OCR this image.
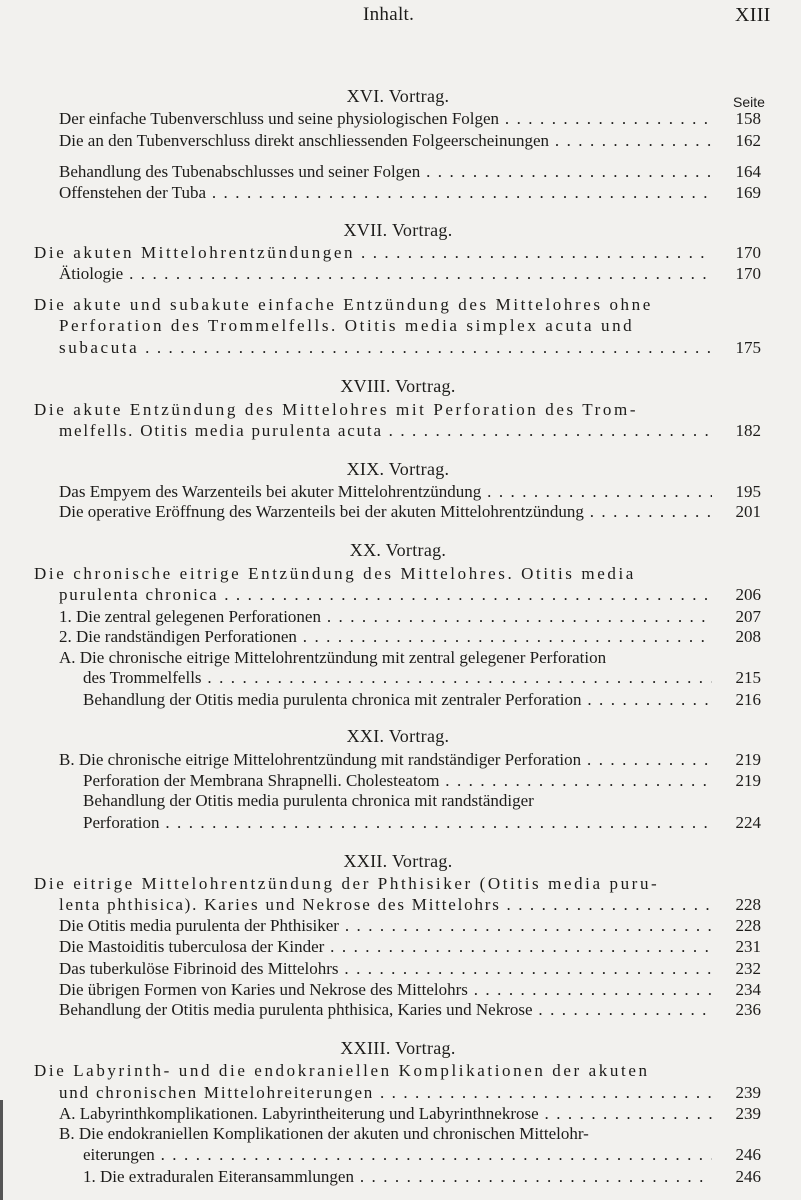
Inhalt.	XIII
Seite
XVI. Vortrag.
Der einfache Tubenverschluss und seine physiologischen Folgen . . .	158
Die an den Tubenverschluss direkt anschliessenden Folgeerscheinungen . . .	162
Behandlung des Tubenabschlusses und seiner Folgen . . .	164
Offenstehen der Tuba . . .	169
XVII. Vortrag.
Die akuten Mittelohrentzündungen . . .	170
Ätiologie . . .	170
Die akute und subakute einfache Entzündung des Mittelohres ohne
Perforation des Trommelfells. Otitis media simplex acuta und
subacuta . . .	175
XVIII. Vortrag.
Die akute Entzündung des Mittelohres mit Perforation des Trom-
melfells. Otitis media purulenta acuta . . .	182
XIX. Vortrag.
Das Empyem des Warzenteils bei akuter Mittelohrentzündung . . .	195
Die operative Eröffnung des Warzenteils bei der akuten Mittelohrentzündung . . .	201
XX. Vortrag.
Die chronische eitrige Entzündung des Mittelohres. Otitis media
purulenta chronica . . .	206
1. Die zentral gelegenen Perforationen . . .	207
2. Die randständigen Perforationen . . .	208
A. Die chronische eitrige Mittelohrentzündung mit zentral gelegener Perforation
des Trommelfells . . .	215
Behandlung der Otitis media purulenta chronica mit zentraler Perforation . . .	216
XXI. Vortrag.
B. Die chronische eitrige Mittelohrentzündung mit randständiger Perforation . . .	219
Perforation der Membrana Shrapnelli. Cholesteatom . . .	219
Behandlung der Otitis media purulenta chronica mit randständiger
Perforation . . .	224
XXII. Vortrag.
Die eitrige Mittelohrentzündung der Phthisiker (Otitis media puru-
lenta phthisica). Karies und Nekrose des Mittelohrs . . .	228
Die Otitis media purulenta der Phthisiker . . .	228
Die Mastoiditis tuberculosa der Kinder . . .	231
Das tuberkulöse Fibrinoid des Mittelohrs . . .	232
Die übrigen Formen von Karies und Nekrose des Mittelohrs . . .	234
Behandlung der Otitis media purulenta phthisica, Karies und Nekrose . . .	236
XXIII. Vortrag.
Die Labyrinth- und die endokraniellen Komplikationen der akuten
und chronischen Mittelohreiterungen . . .	239
A. Labyrinthkomplikationen. Labyrintheiterung und Labyrinthnekrose . . .	239
B. Die endokraniellen Komplikationen der akuten und chronischen Mittelohr-
eiterungen . . .	246
1. Die extraduralen Eiteransammlungen . . .	246
